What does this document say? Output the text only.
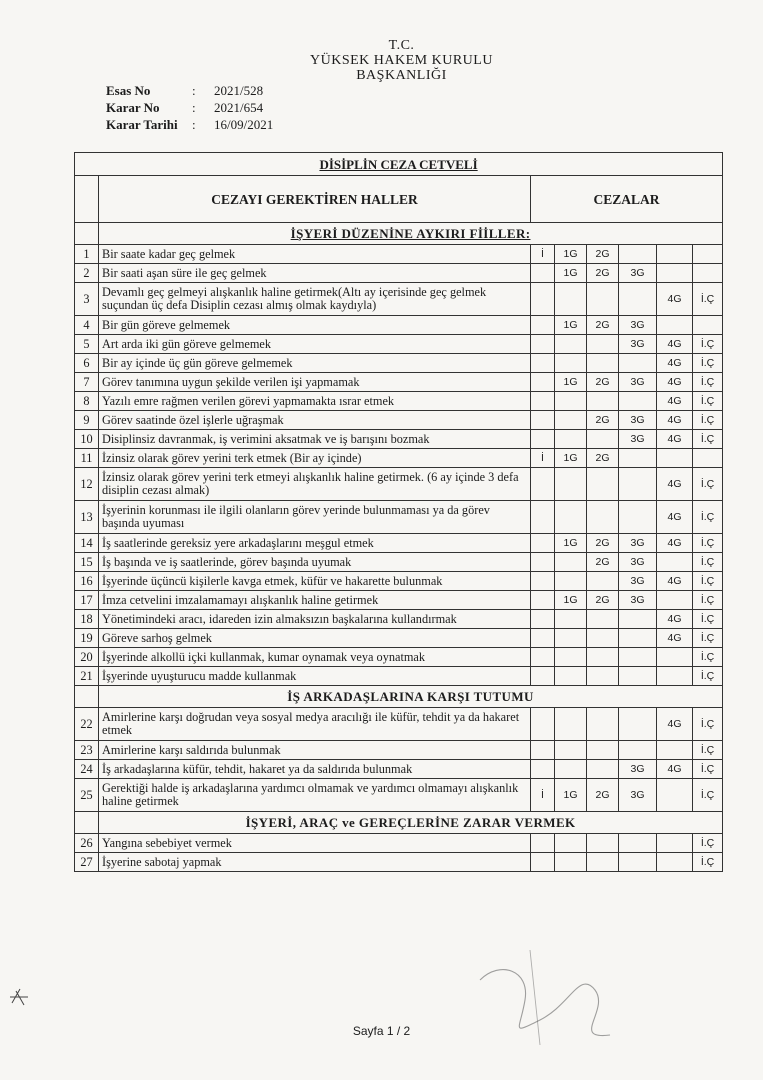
T.C.
YÜKSEK HAKEM KURULU
BAŞKANLIĞI
Esas No	:	2021/528
Karar No	:	2021/654
Karar Tarihi	:	16/09/2021
DİSİPLİN CEZA CETVELİ							
	CEZAYI GEREKTİREN HALLER	CEZALAR					
	İŞYERİ DÜZENİNE AYKIRI FİİLLER:						
1	Bir saate kadar geç gelmek	İ	1G	2G			
2	Bir saati aşan süre ile geç gelmek		1G	2G	3G		
3	Devamlı geç gelmeyi alışkanlık haline getirmek(Altı ay içerisinde geç gelmek suçundan üç defa Disiplin cezası almış olmak kaydıyla)					4G	İ.Ç
4	Bir gün göreve gelmemek		1G	2G	3G		
5	Art arda iki gün göreve gelmemek				3G	4G	İ.Ç
6	Bir ay içinde üç gün göreve gelmemek					4G	İ.Ç
7	Görev tanımına uygun şekilde verilen işi yapmamak		1G	2G	3G	4G	İ.Ç
8	Yazılı emre rağmen verilen görevi yapmamakta ısrar etmek					4G	İ.Ç
9	Görev saatinde özel işlerle uğraşmak			2G	3G	4G	İ.Ç
10	Disiplinsiz davranmak, iş verimini aksatmak ve iş barışını bozmak				3G	4G	İ.Ç
11	İzinsiz olarak görev yerini terk etmek (Bir ay içinde)	İ	1G	2G			
12	İzinsiz olarak görev yerini terk etmeyi alışkanlık haline getirmek. (6 ay içinde 3 defa disiplin cezası almak)					4G	İ.Ç
13	İşyerinin korunması ile ilgili olanların görev yerinde bulunmaması ya da görev başında uyuması					4G	İ.Ç
14	İş saatlerinde gereksiz yere arkadaşlarını meşgul etmek		1G	2G	3G	4G	İ.Ç
15	İş başında ve iş saatlerinde, görev başında uyumak			2G	3G		İ.Ç
16	İşyerinde üçüncü kişilerle kavga etmek, küfür ve hakarette bulunmak				3G	4G	İ.Ç
17	İmza cetvelini imzalamamayı alışkanlık haline getirmek		1G	2G	3G		İ.Ç
18	Yönetimindeki aracı, idareden izin almaksızın başkalarına kullandırmak					4G	İ.Ç
19	Göreve sarhoş gelmek					4G	İ.Ç
20	İşyerinde alkollü içki kullanmak, kumar oynamak veya oynatmak						İ.Ç
21	İşyerinde uyuşturucu madde kullanmak						İ.Ç
	İŞ ARKADAŞLARINA KARŞI TUTUMU						
22	Amirlerine karşı doğrudan veya sosyal medya aracılığı ile küfür, tehdit ya da hakaret etmek					4G	İ.Ç
23	Amirlerine karşı saldırıda bulunmak						İ.Ç
24	İş arkadaşlarına küfür, tehdit, hakaret ya da saldırıda bulunmak				3G	4G	İ.Ç
25	Gerektiği halde iş arkadaşlarına yardımcı olmamak ve yardımcı olmamayı alışkanlık haline getirmek	İ	1G	2G	3G		İ.Ç
	İŞYERİ, ARAÇ ve GEREÇLERİNE ZARAR VERMEK						
26	Yangına sebebiyet vermek						İ.Ç
27	İşyerine sabotaj yapmak						İ.Ç
Sayfa 1 / 2
